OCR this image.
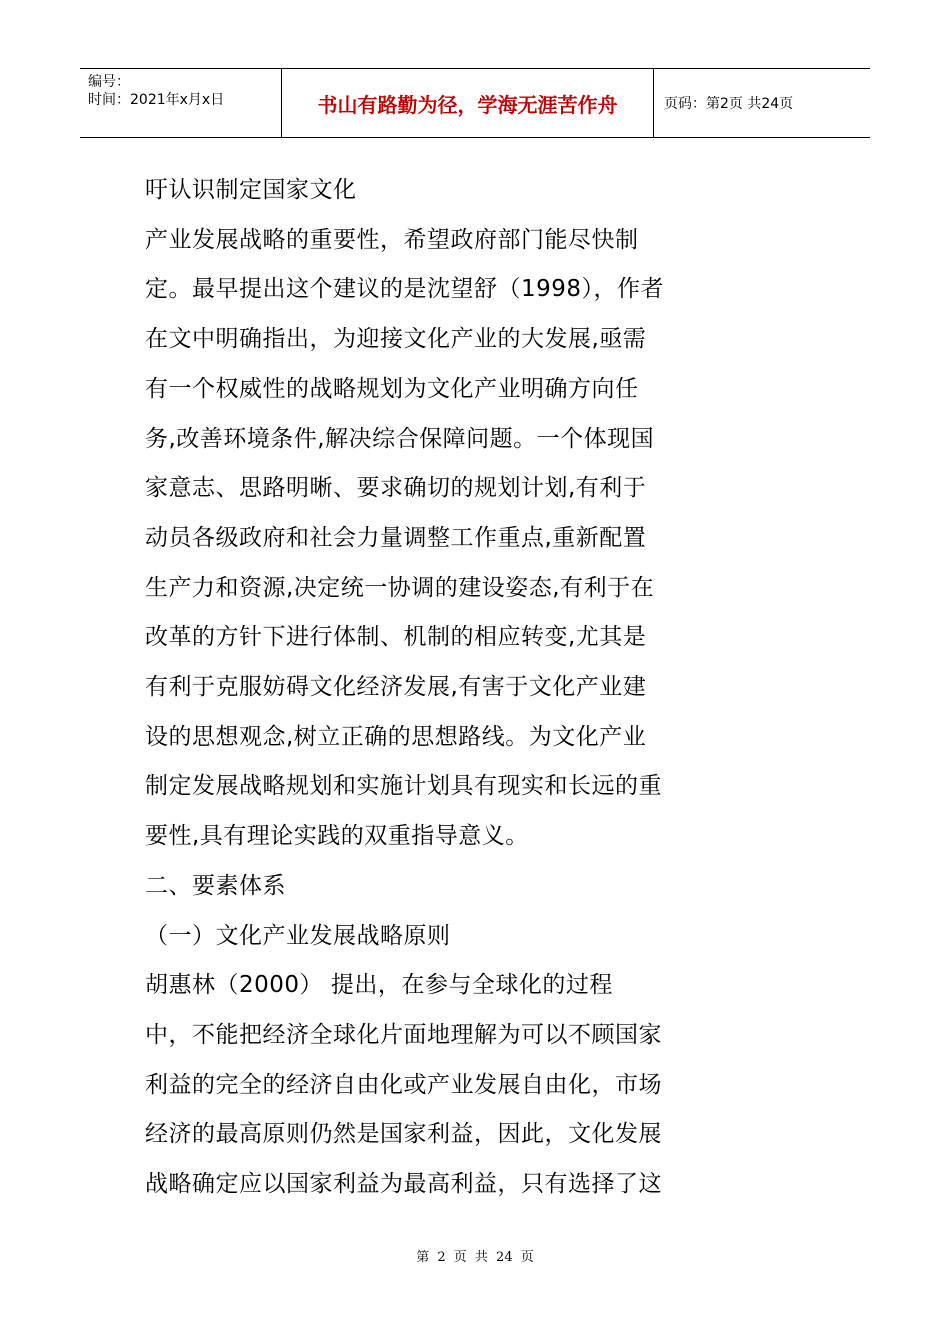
编号：
时间：2021年x月x日	书山有路勤为径，学海无涯苦作舟	页码：第2页 共24页
吁认识制定国家文化
产业发展战略的重要性，希望政府部门能尽快制
定。最早提出这个建议的是沈望舒（1998），作者
在文中明确指出，为迎接文化产业的大发展,亟需
有一个权威性的战略规划为文化产业明确方向任
务,改善环境条件,解决综合保障问题。一个体现国
家意志、思路明晰、要求确切的规划计划,有利于
动员各级政府和社会力量调整工作重点,重新配置
生产力和资源,决定统一协调的建设姿态,有利于在
改革的方针下进行体制、机制的相应转变,尤其是
有利于克服妨碍文化经济发展,有害于文化产业建
设的思想观念,树立正确的思想路线。为文化产业
制定发展战略规划和实施计划具有现实和长远的重
要性,具有理论实践的双重指导意义。
二、要素体系
（一）文化产业发展战略原则
胡惠林（2000） 提出，在参与全球化的过程
中，不能把经济全球化片面地理解为可以不顾国家
利益的完全的经济自由化或产业发展自由化，市场
经济的最高原则仍然是国家利益，因此，文化发展
战略确定应以国家利益为最高利益，只有选择了这
第 2 页 共 24 页
